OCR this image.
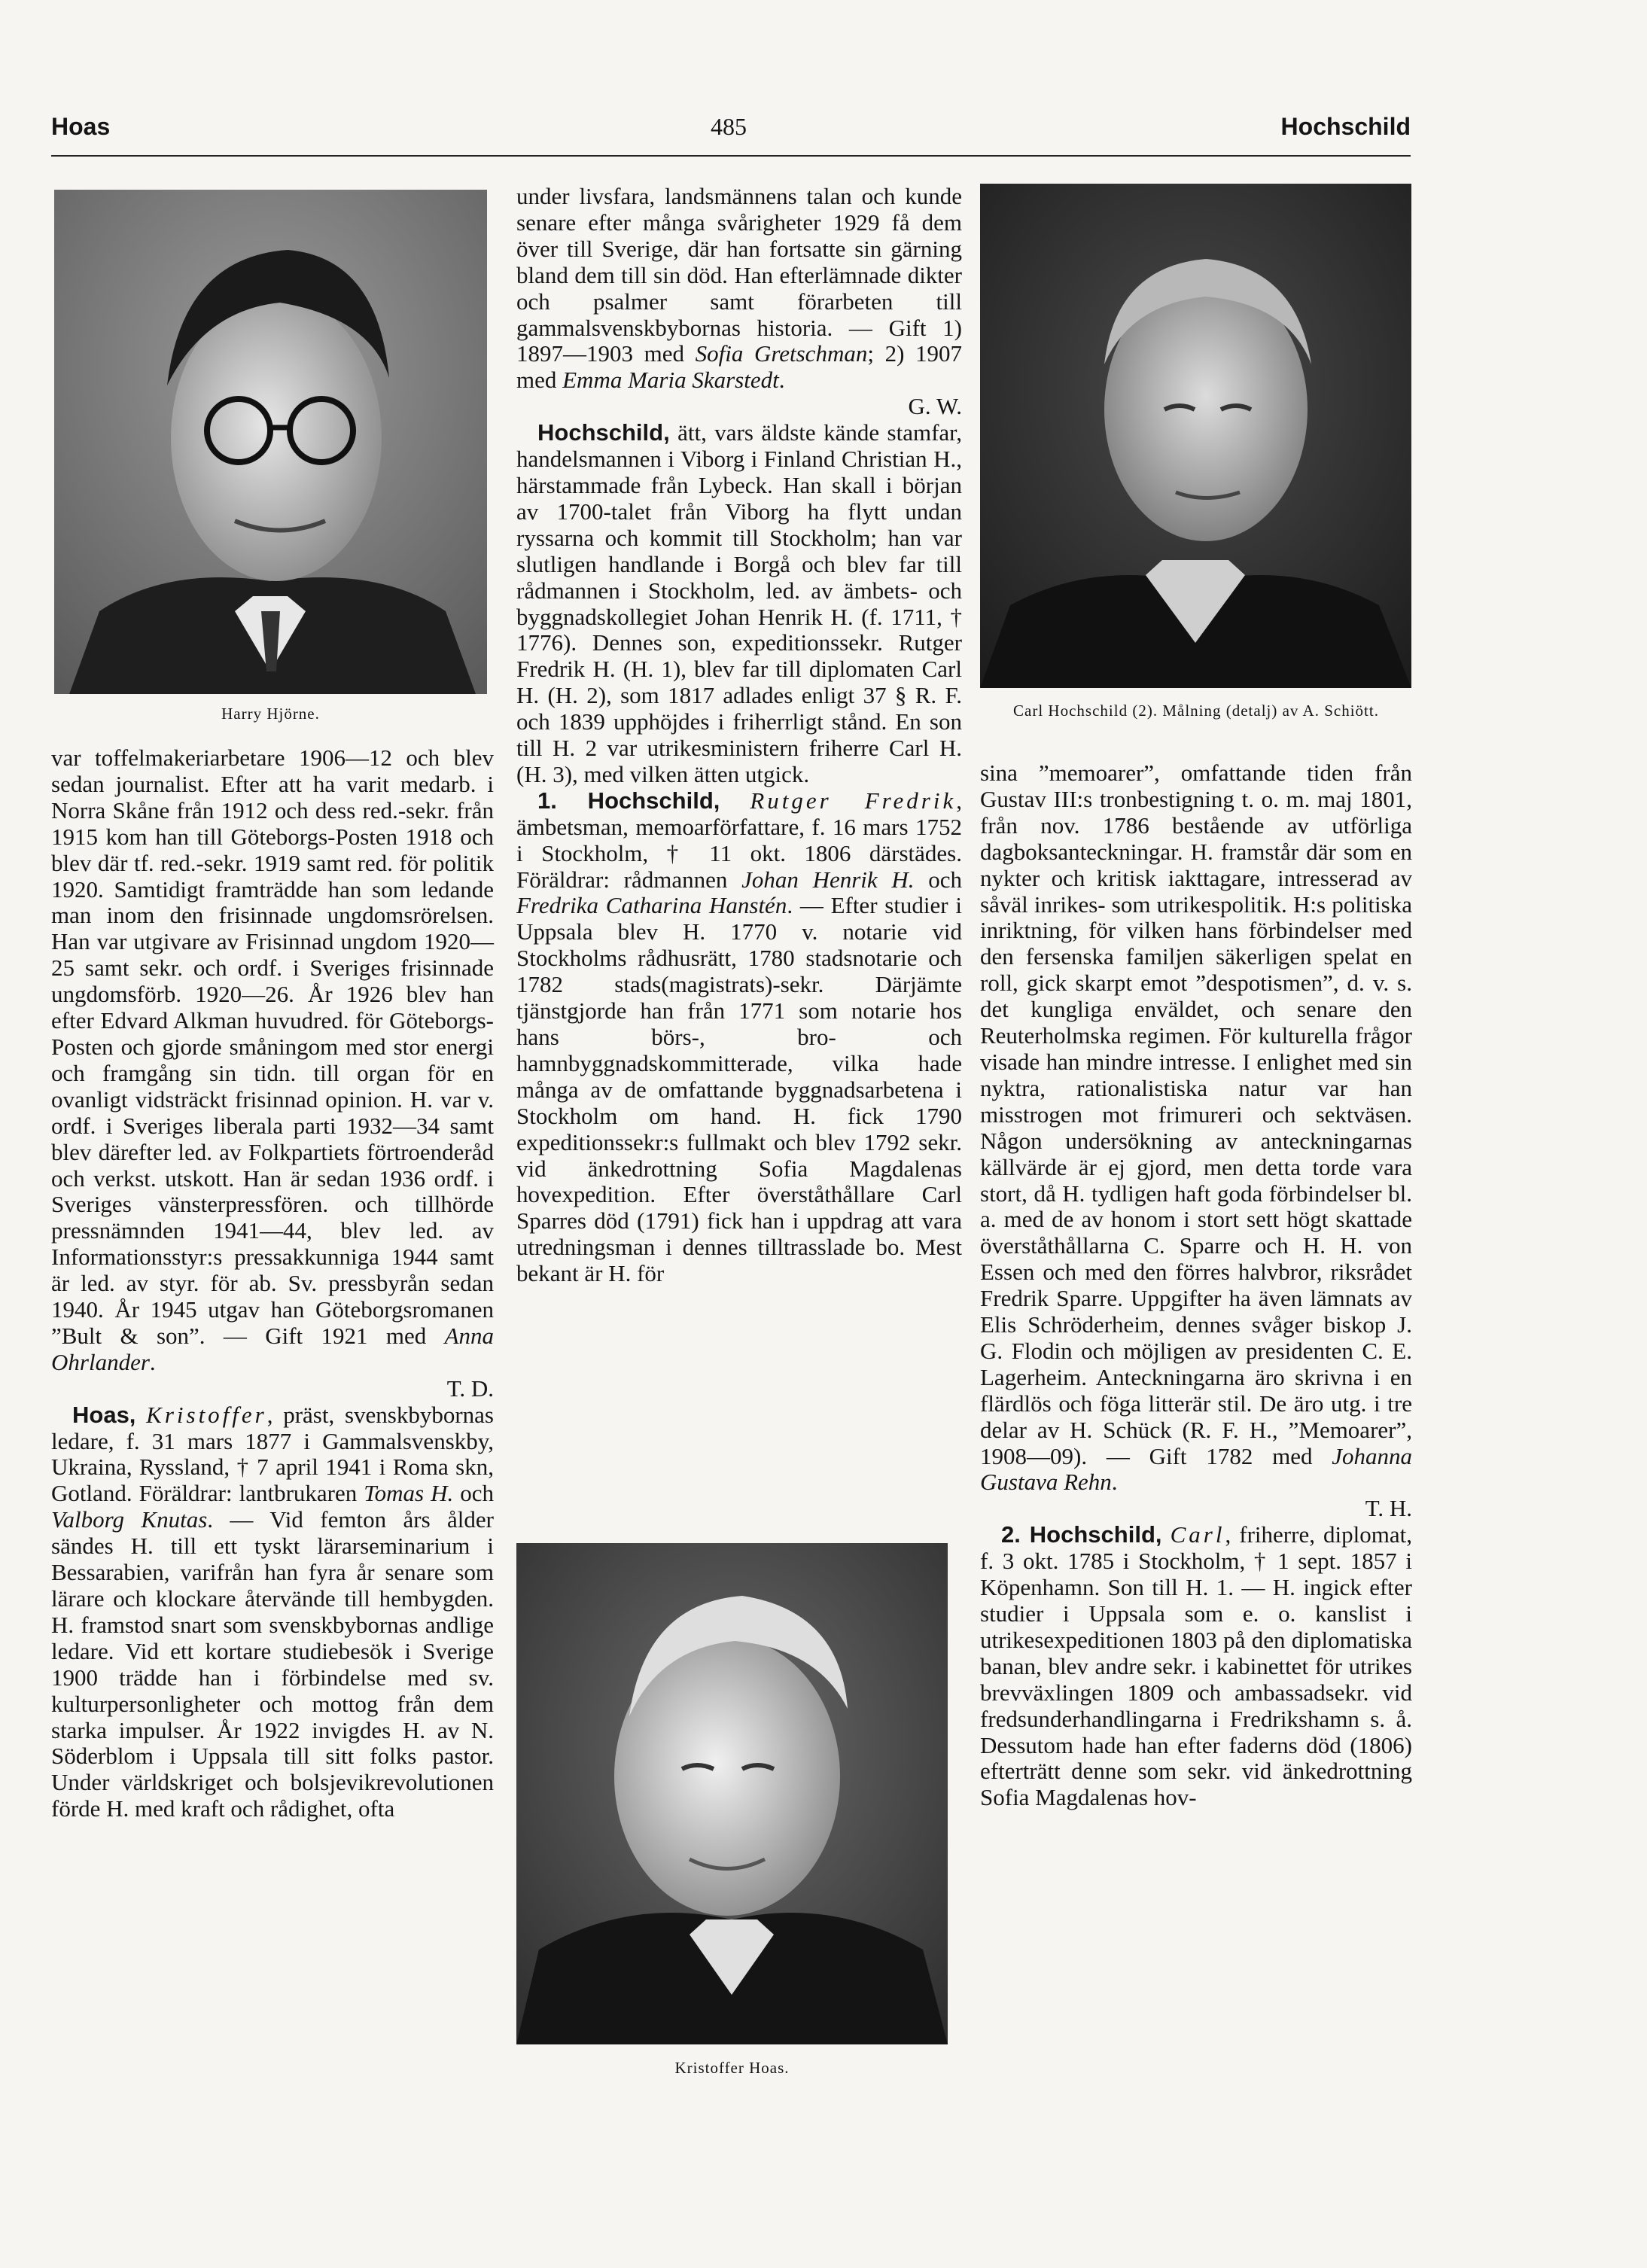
Hoas	485	Hochschild
Harry Hjörne.	Carl Hochschild (2). Målning (detalj) av A. Schiött.
Kristoffer Hoas.

var toffelmakeriarbetare 1906—12 och blev sedan journalist. Efter att ha varit medarb. i Norra Skåne från 1912 och dess red.-sekr. från 1915 kom han till Göteborgs-Posten 1918 och blev där tf. red.-sekr. 1919 samt red. för politik 1920. Samtidigt framträdde han som ledande man inom den frisinnade ungdomsrörelsen. Han var utgivare av Frisinnad ungdom 1920—25 samt sekr. och ordf. i Sveriges frisinnade ungdomsförb. 1920—26. År 1926 blev han efter Edvard Alkman huvudred. för Göteborgs-Posten och gjorde småningom med stor energi och framgång sin tidn. till organ för en ovanligt vidsträckt frisinnad opinion. H. var v. ordf. i Sveriges liberala parti 1932—34 samt blev därefter led. av Folkpartiets förtroenderåd och verkst. utskott. Han är sedan 1936 ordf. i Sveriges vänsterpressfören. och tillhörde pressnämnden 1941—44, blev led. av Informationsstyr:s pressakkunniga 1944 samt är led. av styr. för ab. Sv. pressbyrån sedan 1940. År 1945 utgav han Göteborgsromanen ”Bult & son”. — Gift 1921 med Anna Ohrlander.

T. D.

Hoas, Kristoffer, präst, svenskbybornas ledare, f. 31 mars 1877 i Gammalsvenskby, Ukraina, Ryssland, † 7 april 1941 i Roma skn, Gotland. Föräldrar: lantbrukaren Tomas H. och Valborg Knutas. — Vid femton års ålder sändes H. till ett tyskt lärarseminarium i Bessarabien, varifrån han fyra år senare som lärare och klockare återvände till hembygden. H. framstod snart som svenskbybornas andlige ledare. Vid ett kortare studiebesök i Sverige 1900 trädde han i förbindelse med sv. kulturpersonligheter och mottog från dem starka impulser. År 1922 invigdes H. av N. Söderblom i Uppsala till sitt folks pastor. Under världskriget och bolsjevikrevolutionen förde H. med kraft och rådighet, ofta

under livsfara, landsmännens talan och kunde senare efter många svårigheter 1929 få dem över till Sverige, där han fortsatte sin gärning bland dem till sin död. Han efterlämnade dikter och psalmer samt förarbeten till gammalsvenskbybornas historia. — Gift 1) 1897—1903 med Sofia Gretschman; 2) 1907 med Emma Maria Skarstedt.

G. W.

Hochschild, ätt, vars äldste kände stamfar, handelsmannen i Viborg i Finland Christian H., härstammade från Lybeck. Han skall i början av 1700-talet från Viborg ha flytt undan ryssarna och kommit till Stockholm; han var slutligen handlande i Borgå och blev far till rådmannen i Stockholm, led. av ämbets- och byggnadskollegiet Johan Henrik H. (f. 1711, † 1776). Dennes son, expeditionssekr. Rutger Fredrik H. (H. 1), blev far till diplomaten Carl H. (H. 2), som 1817 adlades enligt 37 § R. F. och 1839 upphöjdes i friherrligt stånd. En son till H. 2 var utrikesministern friherre Carl H. (H. 3), med vilken ätten utgick.

1. Hochschild, Rutger Fredrik, ämbetsman, memoarförfattare, f. 16 mars 1752 i Stockholm, † 11 okt. 1806 därstädes. Föräldrar: rådmannen Johan Henrik H. och Fredrika Catharina Hanstén. — Efter studier i Uppsala blev H. 1770 v. notarie vid Stockholms rådhusrätt, 1780 stadsnotarie och 1782 stads(magistrats)-sekr. Därjämte tjänstgjorde han från 1771 som notarie hos hans börs-, bro- och hamnbyggnadskommitterade, vilka hade många av de omfattande byggnadsarbetena i Stockholm om hand. H. fick 1790 expeditionssekr:s fullmakt och blev 1792 sekr. vid änkedrottning Sofia Magdalenas hovexpedition. Efter överståthållare Carl Sparres död (1791) fick han i uppdrag att vara utredningsman i dennes tilltrasslade bo. Mest bekant är H. för

sina ”memoarer”, omfattande tiden från Gustav III:s tronbestigning t. o. m. maj 1801, från nov. 1786 bestående av utförliga dagboksanteckningar. H. framstår där som en nykter och kritisk iakttagare, intresserad av såväl inrikes- som utrikespolitik. H:s politiska inriktning, för vilken hans förbindelser med den fersenska familjen säkerligen spelat en roll, gick skarpt emot ”despotismen”, d. v. s. det kungliga enväldet, och senare den Reuterholmska regimen. För kulturella frågor visade han mindre intresse. I enlighet med sin nyktra, rationalistiska natur var han misstrogen mot frimureri och sektväsen. Någon undersökning av anteckningarnas källvärde är ej gjord, men detta torde vara stort, då H. tydligen haft goda förbindelser bl. a. med de av honom i stort sett högt skattade överståthållarna C. Sparre och H. H. von Essen och med den förres halvbror, riksrådet Fredrik Sparre. Uppgifter ha även lämnats av Elis Schröderheim, dennes svåger biskop J. G. Flodin och möjligen av presidenten C. E. Lagerheim. Anteckningarna äro skrivna i en flärdlös och föga litterär stil. De äro utg. i tre delar av H. Schück (R. F. H., ”Memoarer”, 1908—09). — Gift 1782 med Johanna Gustava Rehn.

T. H.

2. Hochschild, Carl, friherre, diplomat, f. 3 okt. 1785 i Stockholm, † 1 sept. 1857 i Köpenhamn. Son till H. 1. — H. ingick efter studier i Uppsala som e. o. kanslist i utrikesexpeditionen 1803 på den diplomatiska banan, blev andre sekr. i kabinettet för utrikes brevväxlingen 1809 och ambassadsekr. vid fredsunderhandlingarna i Fredrikshamn s. å. Dessutom hade han efter faderns död (1806) efterträtt denne som sekr. vid änkedrottning Sofia Magdalenas hov-
